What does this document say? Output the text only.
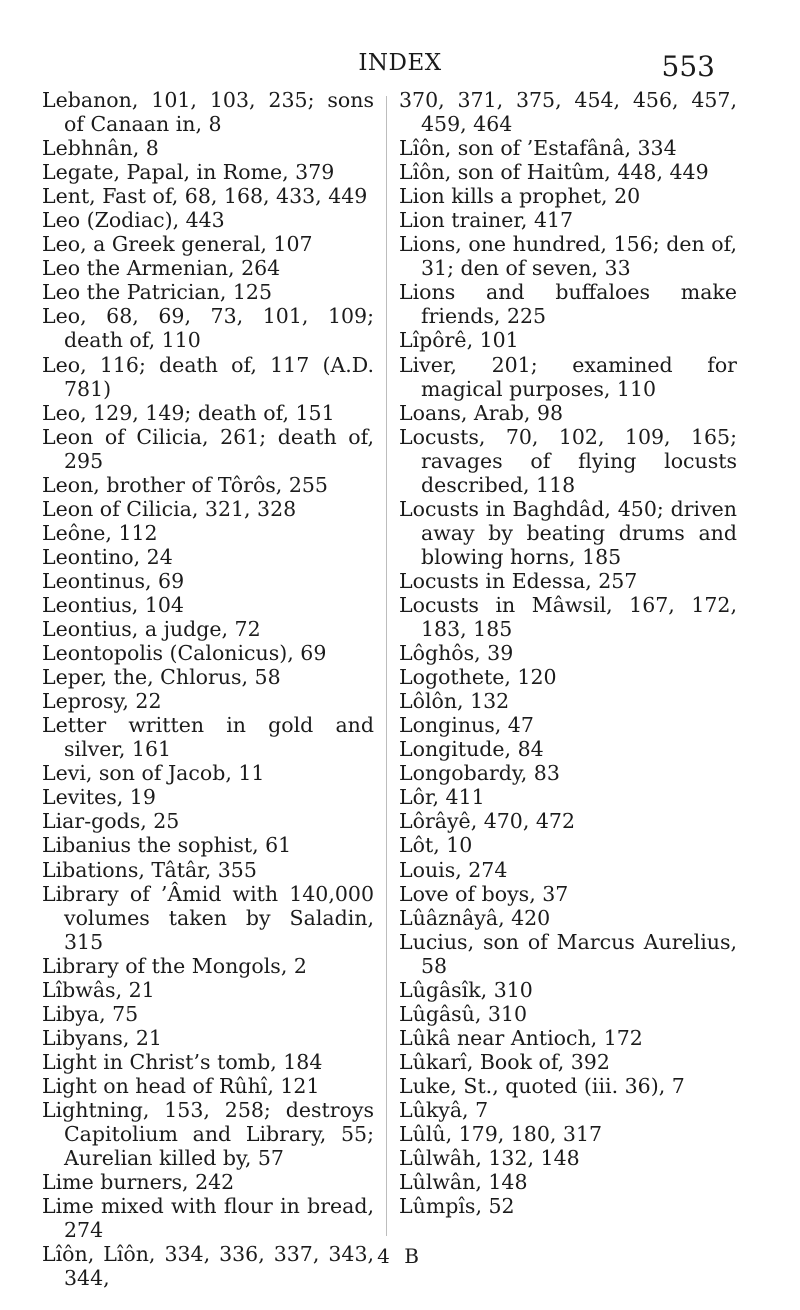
INDEX	553
Lebanon, 101, 103, 235; sons of Canaan in, 8
Lebhnân, 8
Legate, Papal, in Rome, 379
Lent, Fast of, 68, 168, 433, 449
Leo (Zodiac), 443
Leo, a Greek general, 107
Leo the Armenian, 264
Leo the Patrician, 125
Leo, 68, 69, 73, 101, 109; death of, 110
Leo, 116; death of, 117 (A.D. 781)
Leo, 129, 149; death of, 151
Leon of Cilicia, 261; death of, 295
Leon, brother of Tôrôs, 255
Leon of Cilicia, 321, 328
Leône, 112
Leontino, 24
Leontinus, 69
Leontius, 104
Leontius, a judge, 72
Leontopolis (Calonicus), 69
Leper, the, Chlorus, 58
Leprosy, 22
Letter written in gold and silver, 161
Levi, son of Jacob, 11
Levites, 19
Liar-gods, 25
Libanius the sophist, 61
Libations, Tâtâr, 355
Library of ’Âmid with 140,000 volumes taken by Saladin, 315
Library of the Mongols, 2
Lîbwâs, 21
Libya, 75
Libyans, 21
Light in Christ’s tomb, 184
Light on head of Rûhî, 121
Lightning, 153, 258; destroys Capitolium and Library, 55; Aurelian killed by, 57
Lime burners, 242
Lime mixed with flour in bread, 274
Lîôn, Lîôn, 334, 336, 337, 343, 344,
370, 371, 375, 454, 456, 457, 459, 464
Lîôn, son of ’Estafânâ, 334
Lîôn, son of Haitûm, 448, 449
Lion kills a prophet, 20
Lion trainer, 417
Lions, one hundred, 156; den of, 31; den of seven, 33
Lions and buffaloes make friends, 225
Lîpôrê, 101
Liver, 201; examined for magical purposes, 110
Loans, Arab, 98
Locusts, 70, 102, 109, 165; ravages of flying locusts described, 118
Locusts in Baghdâd, 450; driven away by beating drums and blowing horns, 185
Locusts in Edessa, 257
Locusts in Mâwsil, 167, 172, 183, 185
Lôghôs, 39
Logothete, 120
Lôlôn, 132
Longinus, 47
Longitude, 84
Longobardy, 83
Lôr, 411
Lôrâyê, 470, 472
Lôt, 10
Louis, 274
Love of boys, 37
Lûâznâyâ, 420
Lucius, son of Marcus Aurelius, 58
Lûgâsîk, 310
Lûgâsû, 310
Lûkâ near Antioch, 172
Lûkarî, Book of, 392
Luke, St., quoted (iii. 36), 7
Lûkyâ, 7
Lûlû, 179, 180, 317
Lûlwâh, 132, 148
Lûlwân, 148
Lûmpîs, 52
4 B
